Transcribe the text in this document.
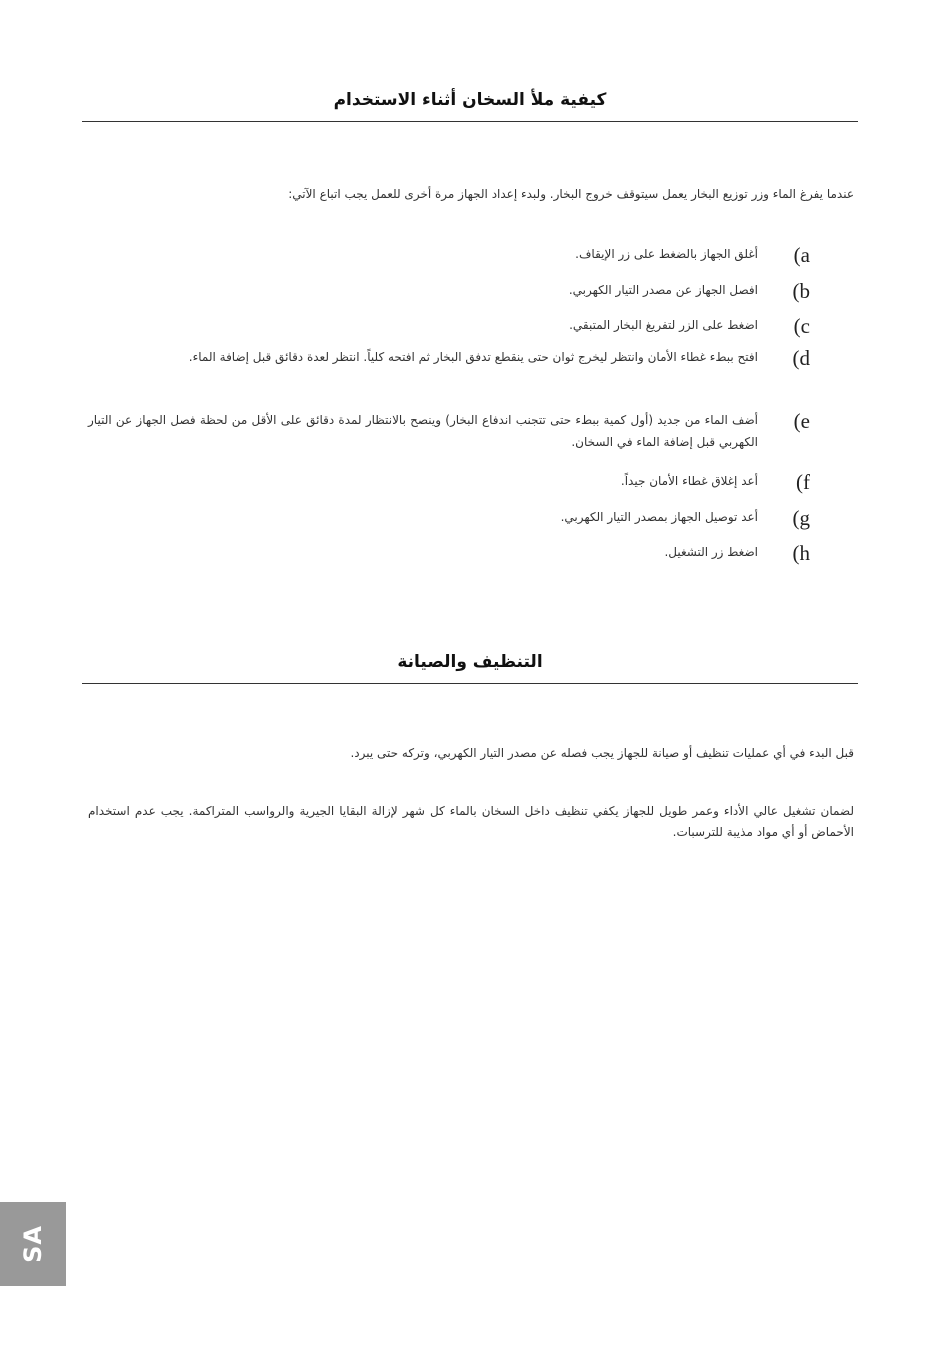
كيفية ملأ السخان أثناء الاستخدام
عندما يفرغ الماء وزر توزيع البخار يعمل سيتوقف خروج البخار. ولبدء إعداد الجهاز مرة أخرى للعمل يجب اتباع الآتي:
a)
أغلق الجهاز بالضغط على زر الإيقاف.
b)
افصل الجهاز عن مصدر التيار الكهربي.
c)
اضغط على الزر لتفريغ البخار المتبقي.
d)
افتح ببطء غطاء الأمان وانتظر ليخرج ثوان حتى ينقطع تدفق البخار ثم افتحه كلياً. انتظر لعدة دقائق قبل إضافة الماء.
e)
أضف الماء من جديد (أول كمية ببطء حتى تتجنب اندفاع البخار) وينصح بالانتظار لمدة دقائق على الأقل من لحظة فصل الجهاز عن التيار الكهربي قبل إضافة الماء في السخان.
f)
أعد إغلاق غطاء الأمان جيداً.
g)
أعد توصيل الجهاز بمصدر التيار الكهربي.
h)
اضغط زر التشغيل.
التنظيف والصيانة
قبل البدء في أي عمليات تنظيف أو صيانة للجهاز يجب فصله عن مصدر التيار الكهربي، وتركه حتى يبرد.
لضمان تشغيل عالي الأداء وعمر طويل للجهاز يكفي تنظيف داخل السخان بالماء كل شهر لإزالة البقايا الجيرية والرواسب المتراكمة. يجب عدم استخدام الأحماض أو أي مواد مذيبة للترسبات.
SA
